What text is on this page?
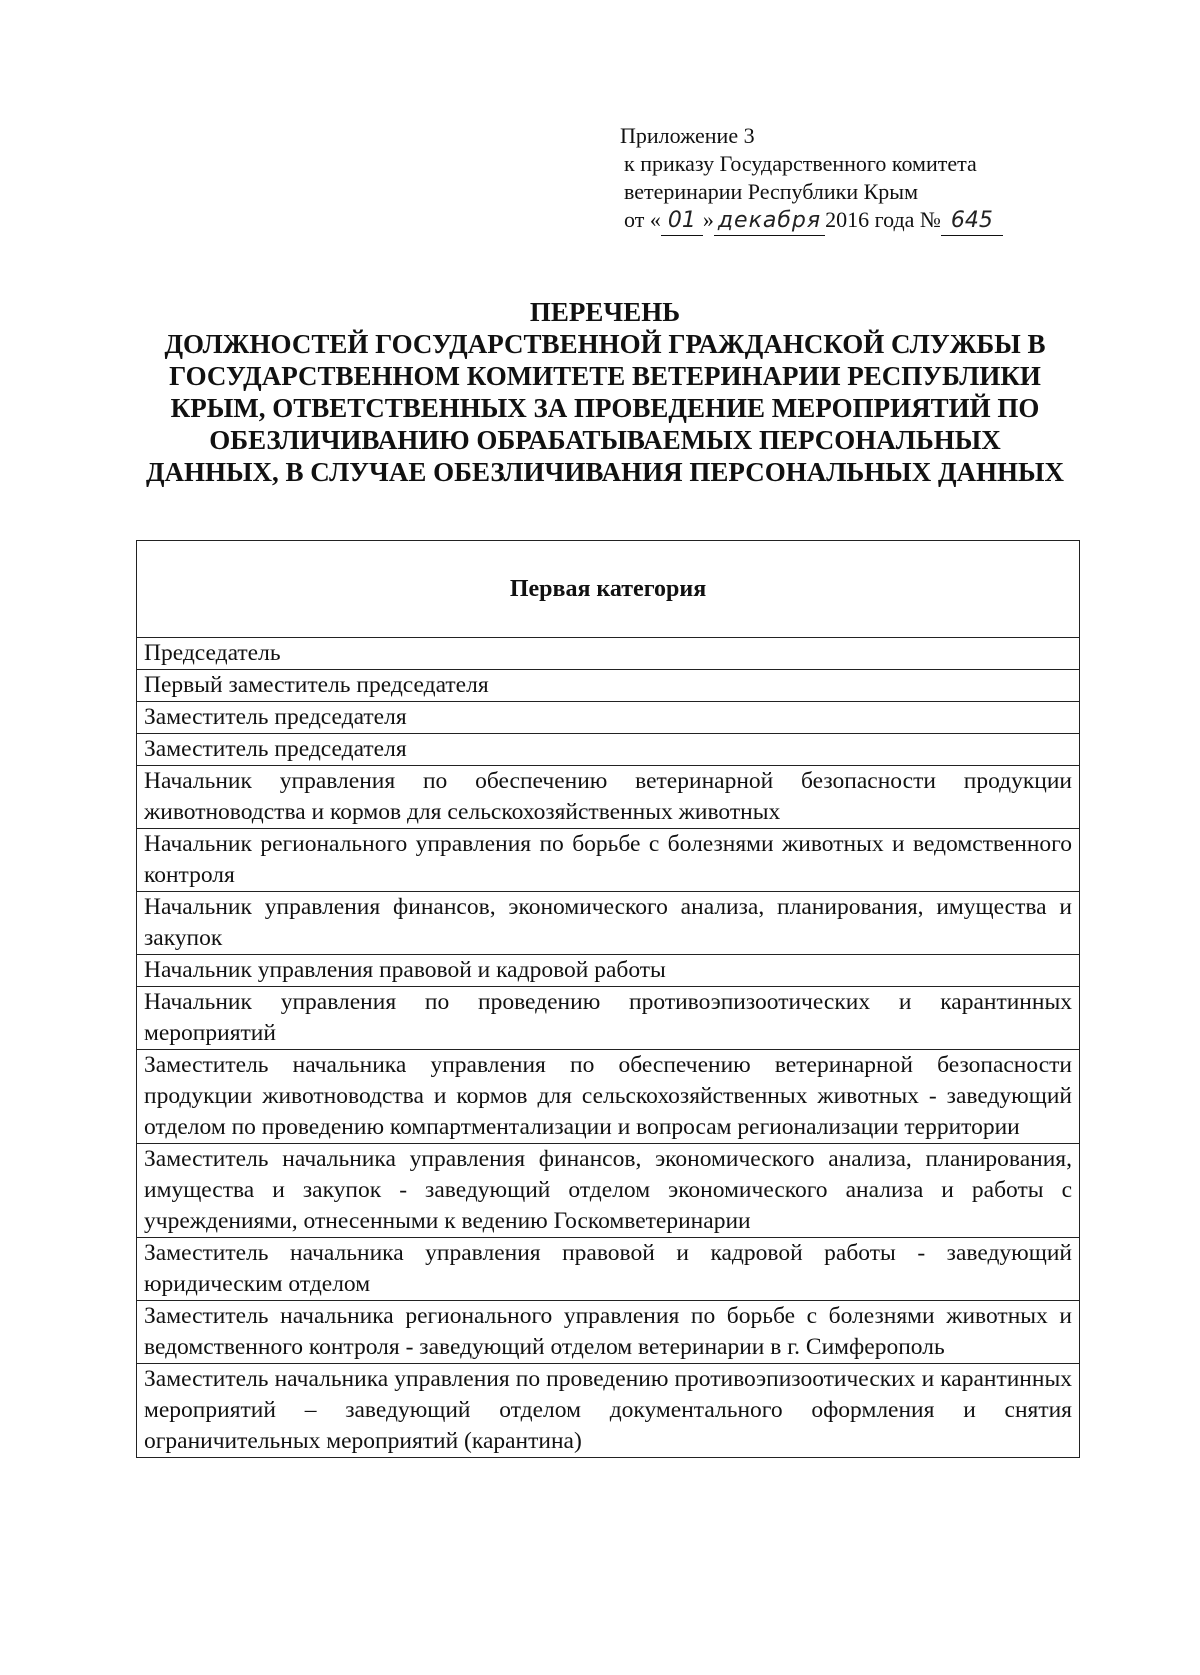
Приложение 3
к приказу Государственного комитета
ветеринарии Республики Крым
от « 01 » декабря 2016 года № 645
ПЕРЕЧЕНЬ
ДОЛЖНОСТЕЙ ГОСУДАРСТВЕННОЙ ГРАЖДАНСКОЙ СЛУЖБЫ В
ГОСУДАРСТВЕННОМ КОМИТЕТЕ ВЕТЕРИНАРИИ РЕСПУБЛИКИ
КРЫМ, ОТВЕТСТВЕННЫХ ЗА ПРОВЕДЕНИЕ МЕРОПРИЯТИЙ ПО
ОБЕЗЛИЧИВАНИЮ ОБРАБАТЫВАЕМЫХ ПЕРСОНАЛЬНЫХ
ДАННЫХ, В СЛУЧАЕ ОБЕЗЛИЧИВАНИЯ ПЕРСОНАЛЬНЫХ ДАННЫХ
Первая категория
Председатель
Первый заместитель председателя
Заместитель председателя
Заместитель председателя
Начальник управления по обеспечению ветеринарной безопасности продукции животноводства и кормов для сельскохозяйственных животных
Начальник регионального управления по борьбе с болезнями животных и ведомственного контроля
Начальник управления финансов, экономического анализа, планирования, имущества и закупок
Начальник управления правовой и кадровой работы
Начальник управления по проведению противоэпизоотических и карантинных мероприятий
Заместитель начальника управления по обеспечению ветеринарной безопасности продукции животноводства и кормов для сельскохозяйственных животных - заведующий отделом по проведению компартментализации и вопросам регионализации территории
Заместитель начальника управления финансов, экономического анализа, планирования, имущества и закупок - заведующий отделом экономического анализа и работы с учреждениями, отнесенными к ведению Госкомветеринарии
Заместитель начальника управления правовой и кадровой работы - заведующий юридическим отделом
Заместитель начальника регионального управления по борьбе с болезнями животных и ведомственного контроля - заведующий отделом ветеринарии в г. Симферополь
Заместитель начальника управления по проведению противоэпизоотических и карантинных мероприятий – заведующий отделом документального оформления и снятия ограничительных мероприятий (карантина)
